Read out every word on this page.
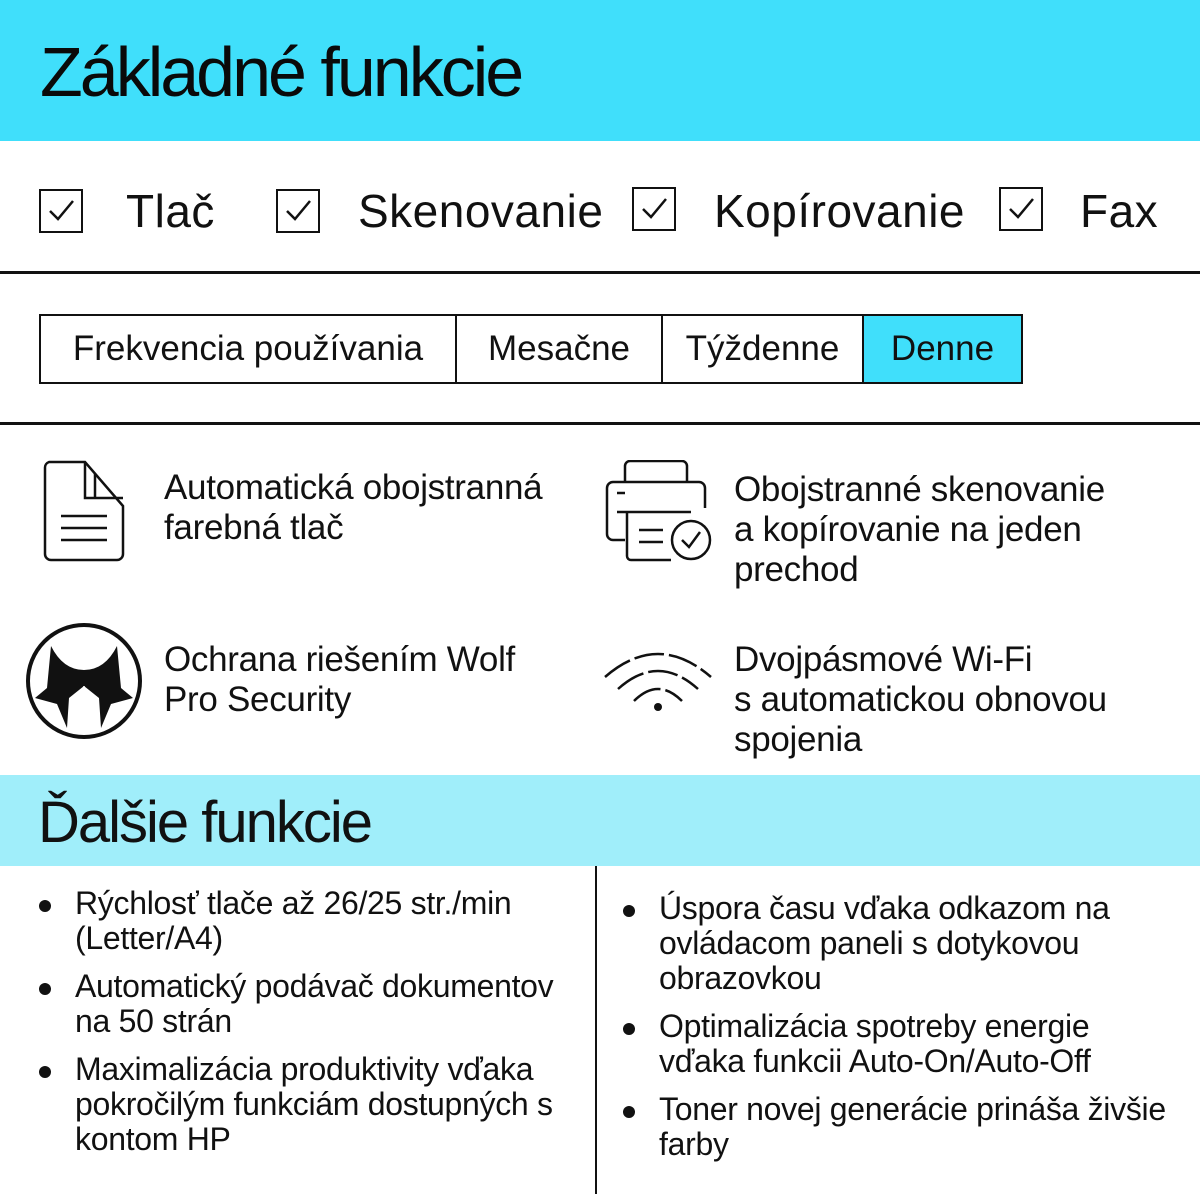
Základné funkcie
Tlač	Skenovanie Kopírovanie	Fax
Frekvencia používania	Mesačne	Týždenne	Denne
Automatická obojstranná
farebná tlač
Obojstranné skenovanie
a kopírovanie na jeden
prechod
Ochrana riešením Wolf
Pro Security
Dvojpásmové Wi-Fi
s automatickou obnovou
spojenia
Ďalšie funkcie
Rýchlosť tlače až 26/25 str./min (Letter/A4)
Automatický podávač dokumentov na 50 strán
Maximalizácia produktivity vďaka pokročilým funkciám dostupných s kontom HP
Úspora času vďaka odkazom na ovládacom paneli s dotykovou obrazovkou
Optimalizácia spotreby energie vďaka funkcii Auto-On/Auto-Off
Toner novej generácie prináša živšie farby
